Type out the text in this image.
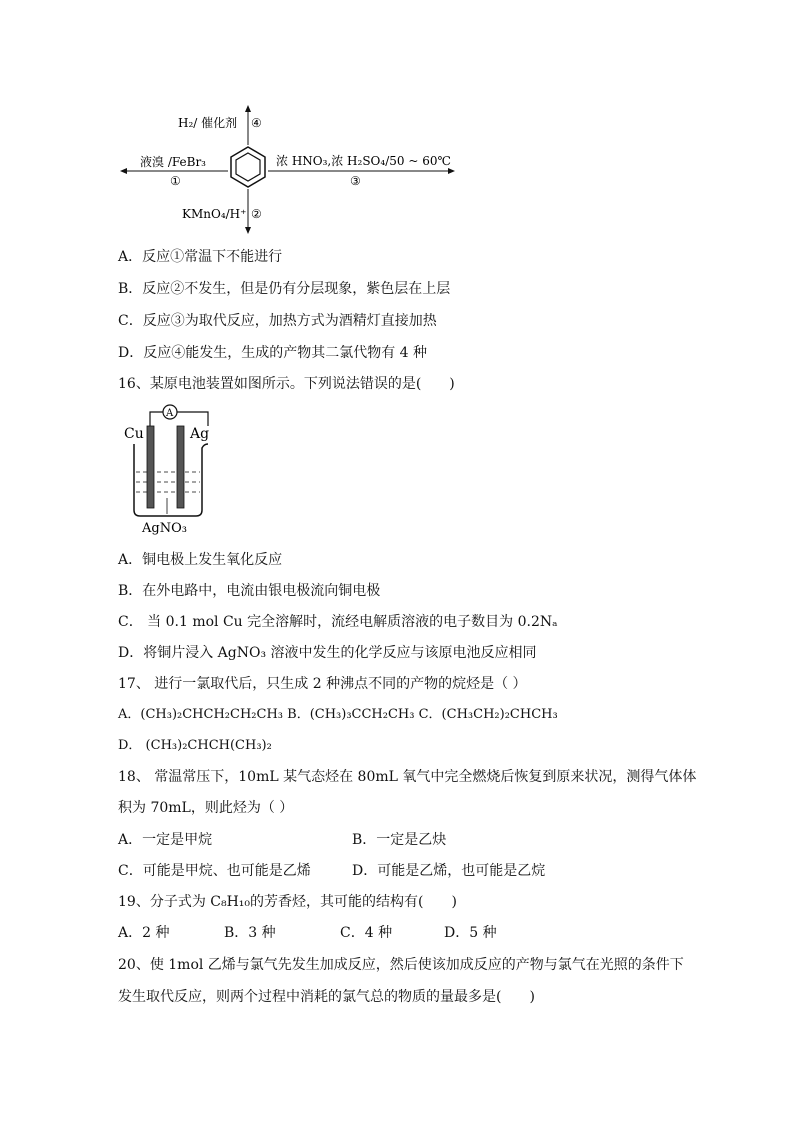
H₂/ 催化剂 ④
KMnO₄/H⁺ ②
液溴 /FeBr₃
①
浓 HNO₃,浓 H₂SO₄/50 ~ 60℃
③
A．反应①常温下不能进行
B．反应②不发生，但是仍有分层现象，紫色层在上层
C．反应③为取代反应，加热方式为酒精灯直接加热
D．反应④能发生，生成的产物其二氯代物有 4 种
16、某原电池装置如图所示。下列说法错误的是(　　)
A
Cu	Ag
AgNO₃
A．铜电极上发生氧化反应
B．在外电路中，电流由银电极流向铜电极
C． 当 0.1 mol Cu 完全溶解时，流经电解质溶液的电子数目为 0.2Nₐ
D．将铜片浸入 AgNO₃ 溶液中发生的化学反应与该原电池反应相同
17、 进行一氯取代后，只生成 2 种沸点不同的产物的烷烃是（ ）
A．(CH₃)₂CHCH₂CH₂CH₃ B．(CH₃)₃CCH₂CH₃ C．(CH₃CH₂)₂CHCH₃
D． (CH₃)₂CHCH(CH₃)₂
18、 常温常压下，10mL 某气态烃在 80mL 氧气中完全燃烧后恢复到原来状况，测得气体体
积为 70mL，则此烃为（ ）
A．一定是甲烷	B．一定是乙炔
C．可能是甲烷、也可能是乙烯	D．可能是乙烯，也可能是乙烷
19、分子式为 C₈H₁₀的芳香烃，其可能的结构有(　　)
A．2 种	B．3 种	C．4 种	D．5 种
20、使 1mol 乙烯与氯气先发生加成反应，然后使该加成反应的产物与氯气在光照的条件下
发生取代反应，则两个过程中消耗的氯气总的物质的量最多是(　　)
